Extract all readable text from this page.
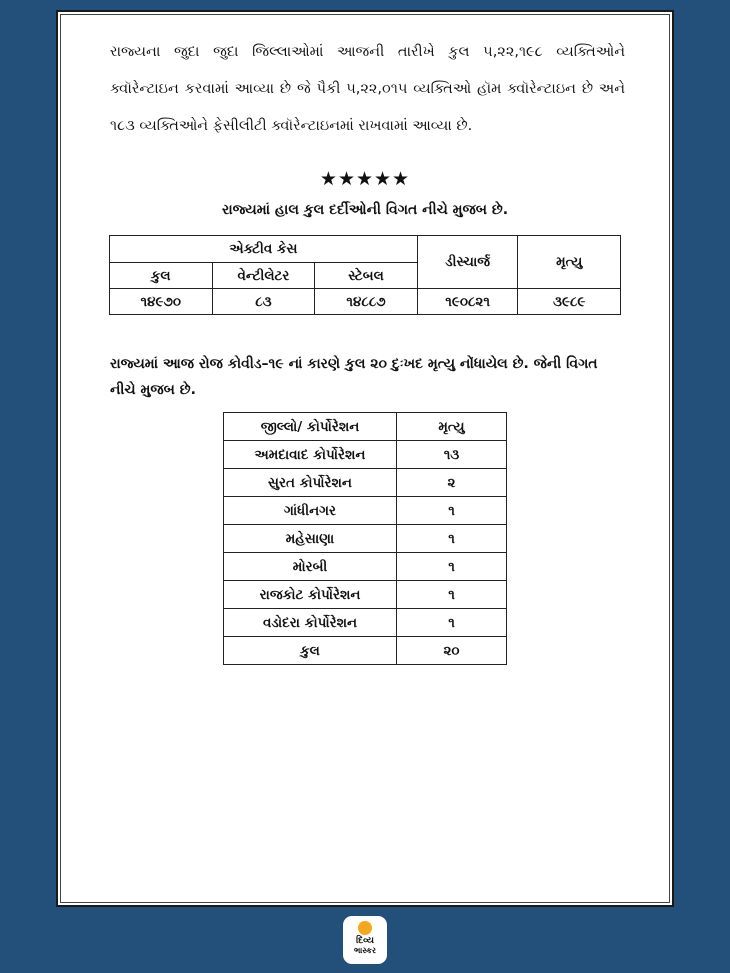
રાજ્યના જુદા જુદા જિલ્લાઓમાં આજની તારીખે કુલ ૫,૨૨,૧૯૮ વ્યક્તિઓને ક્વૉરેન્ટાઇન કરવામાં આવ્યા છે જે પૈકી ૫,૨૨,૦૧૫ વ્યક્તિઓ હૉમ ક્વૉરેન્ટાઇન છે અને ૧૮૩ વ્યક્તિઓને ફેસીલીટી ક્વૉરેન્ટાઇનમાં રાખવામાં આવ્યા છે.

★★★★★

રાજ્યમાં હાલ કુલ દર્દીઓની વિગત નીચે મુજબ છે.

એક્ટીવ કેસ			ડીસ્ચાર્જ	મૃત્યુ
કુલ	વેન્ટીલેટર	સ્ટેબલ		
૧૪૯૭૦	૮૩	૧૪૮૮૭	૧૯૦૮૨૧	૩૯૮૯

રાજ્યમાં આજ રોજ કોવીડ–૧૯ નાં કારણે કુલ ૨૦ દુઃખદ મૃત્યુ નોંધાયેલ છે. જેની વિગત નીચે મુજબ છે.

જીલ્લો/ કોર્પોરેશન	મૃત્યુ
અમદાવાદ કોર્પોરેશન	૧૩
સુરત કોર્પોરેશન	૨
ગાંધીનગર	૧
મહેસાણા	૧
મોરબી	૧
રાજકોટ કોર્પોરેશન	૧
વડોદરા કોર્પોરેશન	૧
કુલ	૨૦
દિવ્ય
ભાસ્કર
